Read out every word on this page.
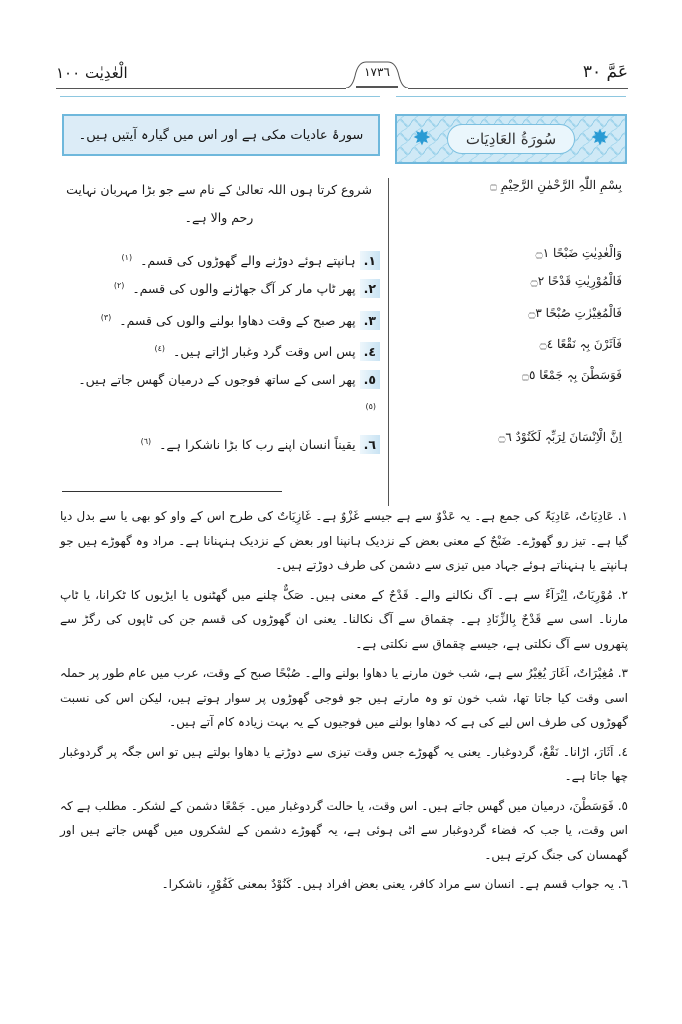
الْعٰدِيٰت ١٠٠	١٧٣٦	عَمَّ ٣٠
سورۂ عادیات مکی ہے اور اس میں گیارہ آیتیں ہیں۔ ✸	✸
سُورَةُ العَادِيَات
بِسْمِ اللّٰہِ الرَّحْمٰنِ الرَّحِیْمِ ۝
شروع کرتا ہوں اللہ تعالیٰ کے نام سے جو بڑا مہربان نہایت رحم والا ہے۔
وَالْعٰدِیٰتِ ضَبْحًا ۝١
فَالْمُوْرِیٰتِ قَدْحًا ۝٢
فَالْمُغِیْرٰتِ صُبْحًا ۝٣
فَاَثَرْنَ بِہٖ نَقْعًا ۝٤
فَوَسَطْنَ بِہٖ جَمْعًا ۝٥
اِنَّ الْاِنْسَانَ لِرَبِّہٖ لَکَنُوْدٌ ۝٦
١. ہانپتے ہوئے دوڑنے والے گھوڑوں کی قسم۔ $^{(١)}$
٢. پھر ٹاپ مار کر آگ جھاڑنے والوں کی قسم۔ $^{(٢)}$
٣. پھر صبح کے وقت دھاوا بولنے والوں کی قسم۔ $^{(٣)}$
٤. پس اس وقت گرد وغبار اڑاتے ہیں۔ $^{(٤)}$
٥. پھر اسی کے ساتھ فوجوں کے درمیان گھس جاتے ہیں۔ $^{(٥)}$
٦. یقیناً انسان اپنے رب کا بڑا ناشکرا ہے۔ $^{(٦)}$

١. عَادِیَاتٌ، عَادِیَۃٌ کی جمع ہے۔ یہ عَدْوٌ سے ہے جیسے غَزْوٌ ہے۔ غَازِیَاتٌ کی طرح اس کے واو کو بھی یا سے بدل دیا گیا ہے۔ تیز رو گھوڑے۔ ضَبْحٌ کے معنی بعض کے نزدیک ہانپنا اور بعض کے نزدیک ہنہنانا ہے۔ مراد وہ گھوڑے ہیں جو ہانپتے یا ہنہناتے ہوئے جہاد میں تیزی سے دشمن کی طرف دوڑتے ہیں۔

٢. مُوْرِیَاتٌ، اِیْرَآءٌ سے ہے۔ آگ نکالنے والے۔ قَدْحٌ کے معنی ہیں۔ صَکٌّ چلنے میں گھٹنوں یا ایڑیوں کا ٹکرانا، یا ٹاپ مارنا۔ اسی سے قَدْحٌ بِالزِّنَادِ ہے۔ چقماق سے آگ نکالنا۔ یعنی ان گھوڑوں کی قسم جن کی ٹاپوں کی رگڑ سے پتھروں سے آگ نکلتی ہے، جیسے چقماق سے نکلتی ہے۔

٣. مُغِیْرَاتٌ، اَغَارَ یُغِیْرُ سے ہے، شب خون مارنے یا دھاوا بولنے والے۔ صُبْحًا صبح کے وقت، عرب میں عام طور پر حملہ اسی وقت کیا جاتا تھا، شب خون تو وہ مارتے ہیں جو فوجی گھوڑوں پر سوار ہوتے ہیں، لیکن اس کی نسبت گھوڑوں کی طرف اس لیے کی ہے کہ دھاوا بولنے میں فوجیوں کے یہ بہت زیادہ کام آتے ہیں۔

٤. اَثَارَ، اڑانا۔ نَقْعٌ، گردوغبار۔ یعنی یہ گھوڑے جس وقت تیزی سے دوڑتے یا دھاوا بولتے ہیں تو اس جگہ پر گردوغبار چھا جاتا ہے۔

٥. فَوَسَطْنَ، درمیان میں گھس جاتے ہیں۔ اس وقت، یا حالت گردوغبار میں۔ جَمْعًا دشمن کے لشکر۔ مطلب ہے کہ اس وقت، یا جب کہ فضاء گردوغبار سے اٹی ہوئی ہے، یہ گھوڑے دشمن کے لشکروں میں گھس جاتے ہیں اور گھمسان کی جنگ کرتے ہیں۔

٦. یہ جواب قسم ہے۔ انسان سے مراد کافر، یعنی بعض افراد ہیں۔ کَنُوْدٌ بمعنی کَفُوْرٍ، ناشکرا۔
